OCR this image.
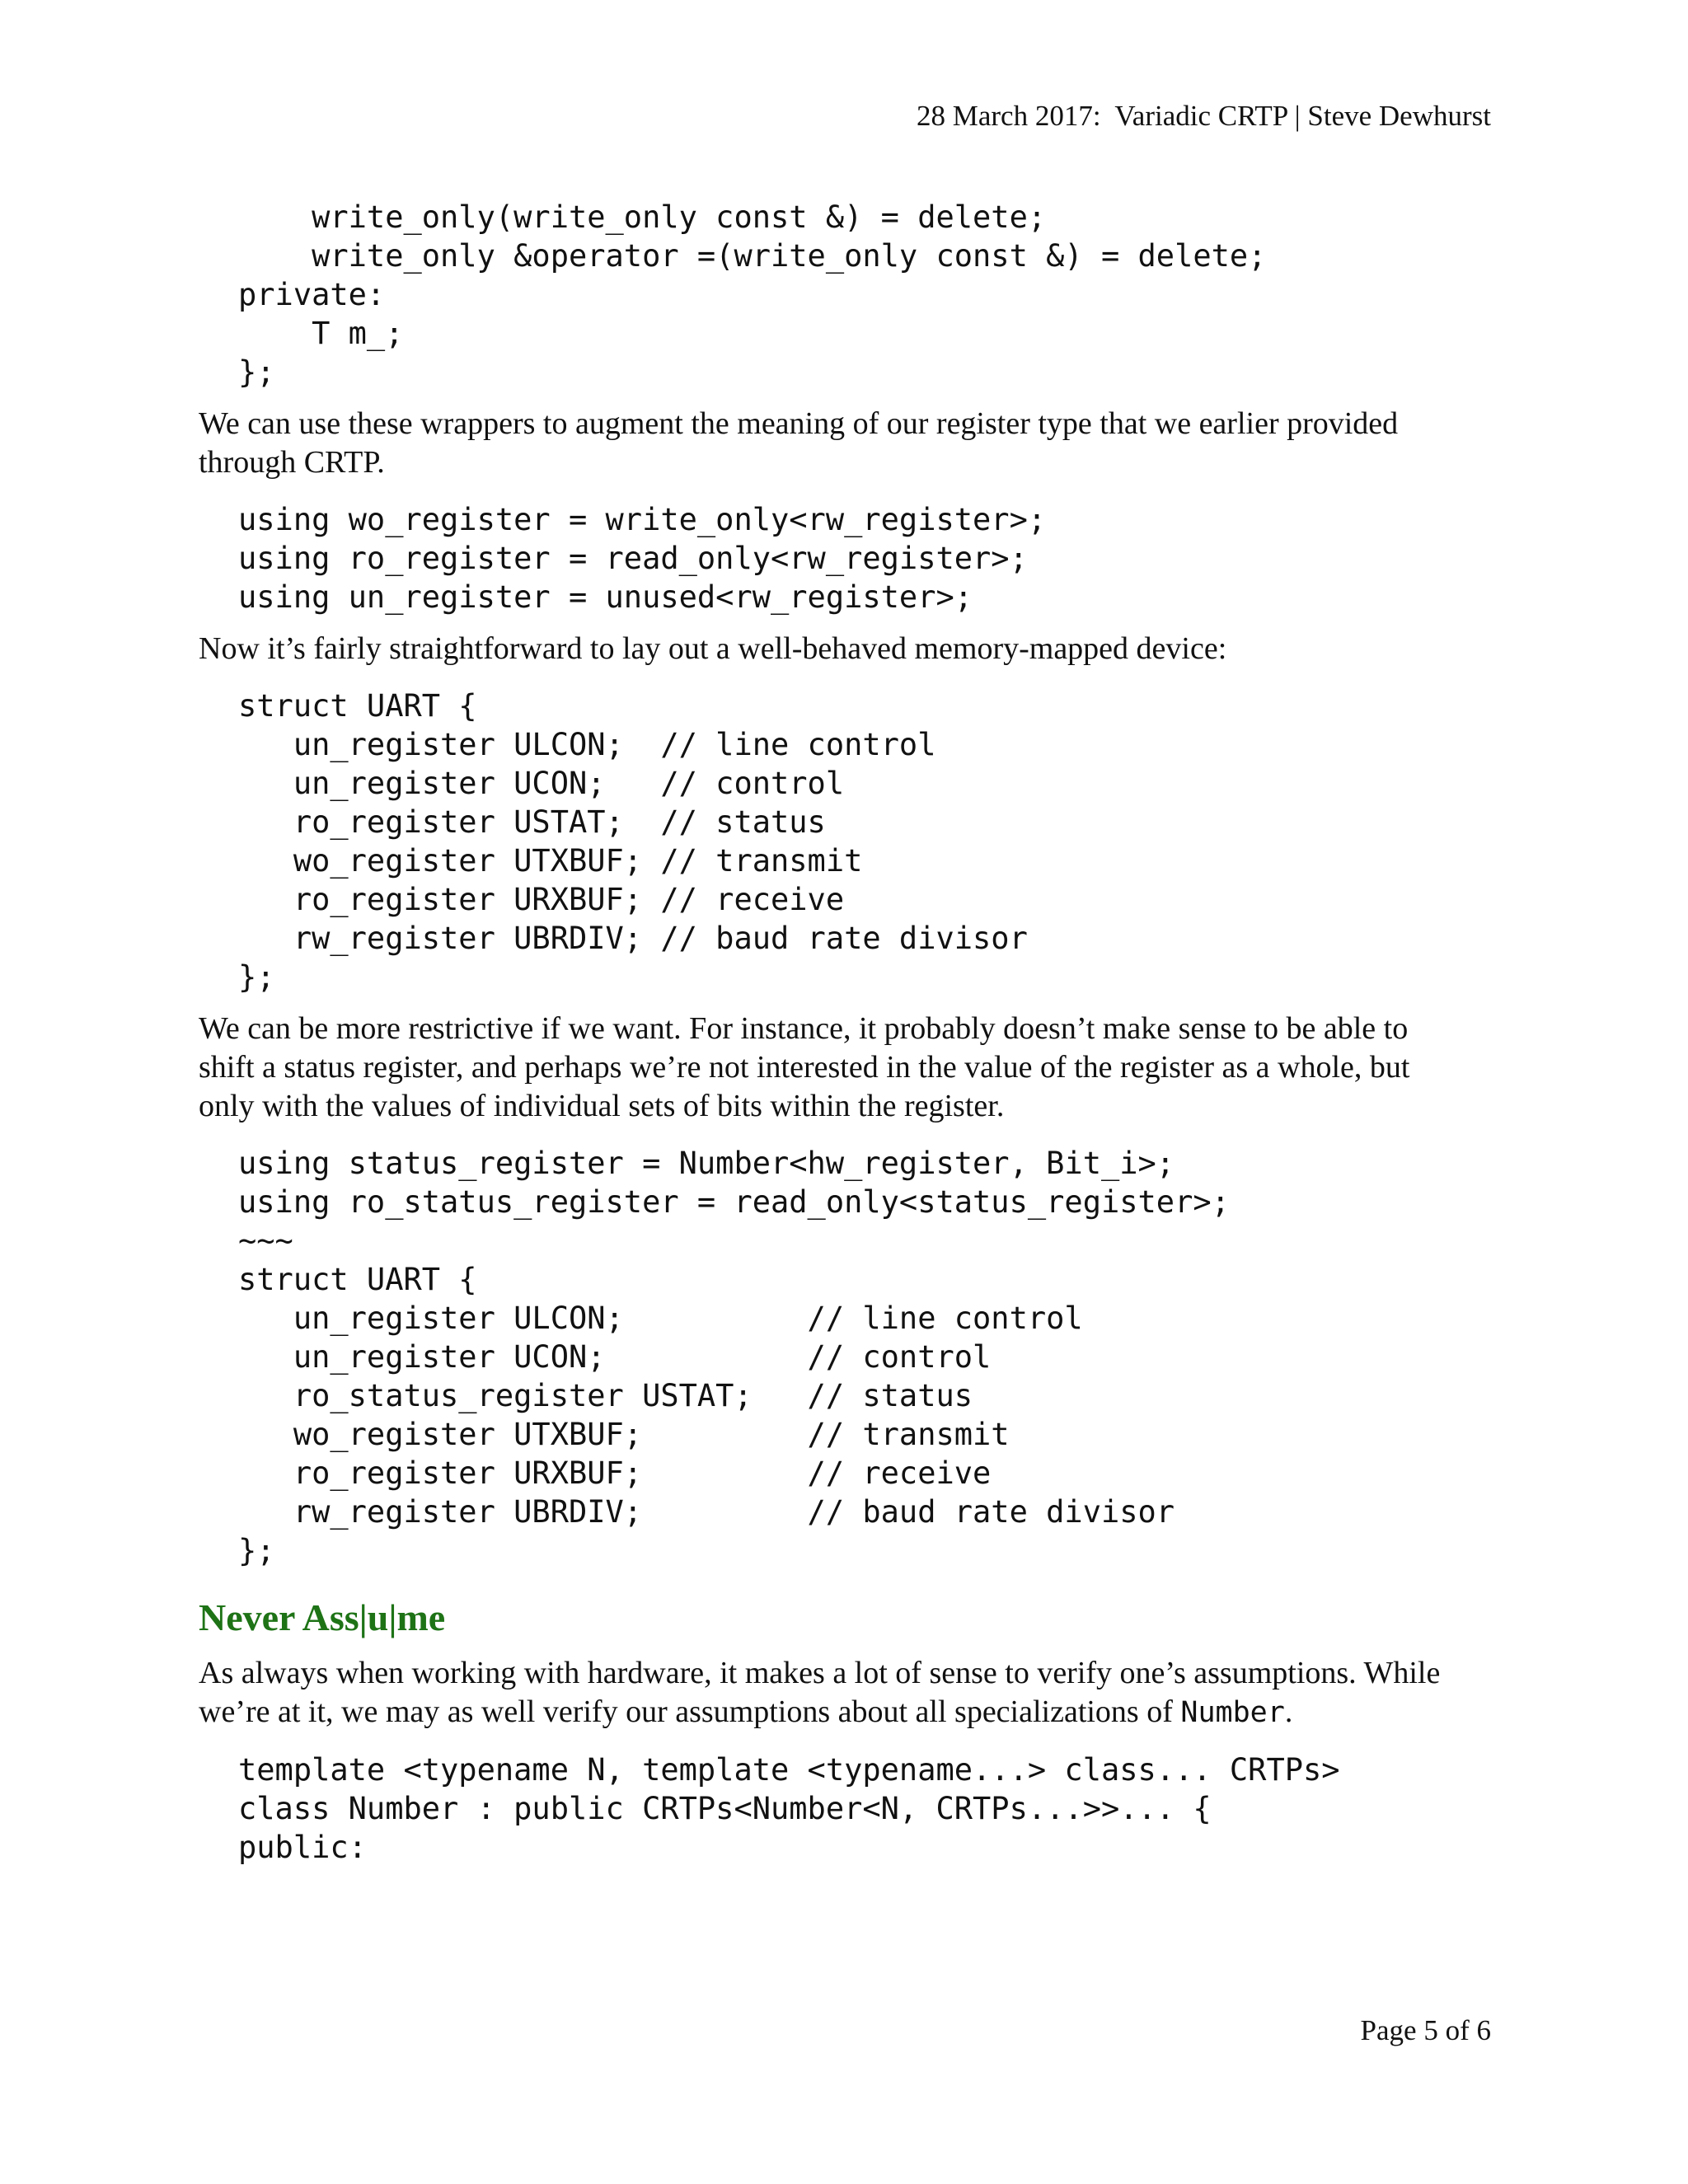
28 March 2017:  Variadic CRTP | Steve Dewhurst
write_only(write_only const &) = delete;
write_only &operator =(write_only const &) = delete;
private:
T m_;
};

We can use these wrappers to augment the meaning of our register type that we earlier provided through CRTP.

using wo_register = write_only<rw_register>;
using ro_register = read_only<rw_register>;
using un_register = unused<rw_register>;

Now it’s fairly straightforward to lay out a well-behaved memory-mapped device:

struct UART {
un_register ULCON;  // line control
un_register UCON;   // control
ro_register USTAT;  // status
wo_register UTXBUF; // transmit
ro_register URXBUF; // receive
rw_register UBRDIV; // baud rate divisor
};

We can be more restrictive if we want. For instance, it probably doesn’t make sense to be able to shift a status register, and perhaps we’re not interested in the value of the register as a whole, but only with the values of individual sets of bits within the register.

using status_register = Number<hw_register, Bit_i>;
using ro_status_register = read_only<status_register>;
~~~
struct UART {
un_register ULCON;          // line control
un_register UCON;           // control
ro_status_register USTAT;   // status
wo_register UTXBUF;         // transmit
ro_register URXBUF;         // receive
rw_register UBRDIV;         // baud rate divisor
};
Never Ass|u|me

As always when working with hardware, it makes a lot of sense to verify one’s assumptions. While we’re at it, we may as well verify our assumptions about all specializations of Number.

template <typename N, template <typename...> class... CRTPs>
class Number : public CRTPs<Number<N, CRTPs...>>... {
public:
Page 5 of 6
